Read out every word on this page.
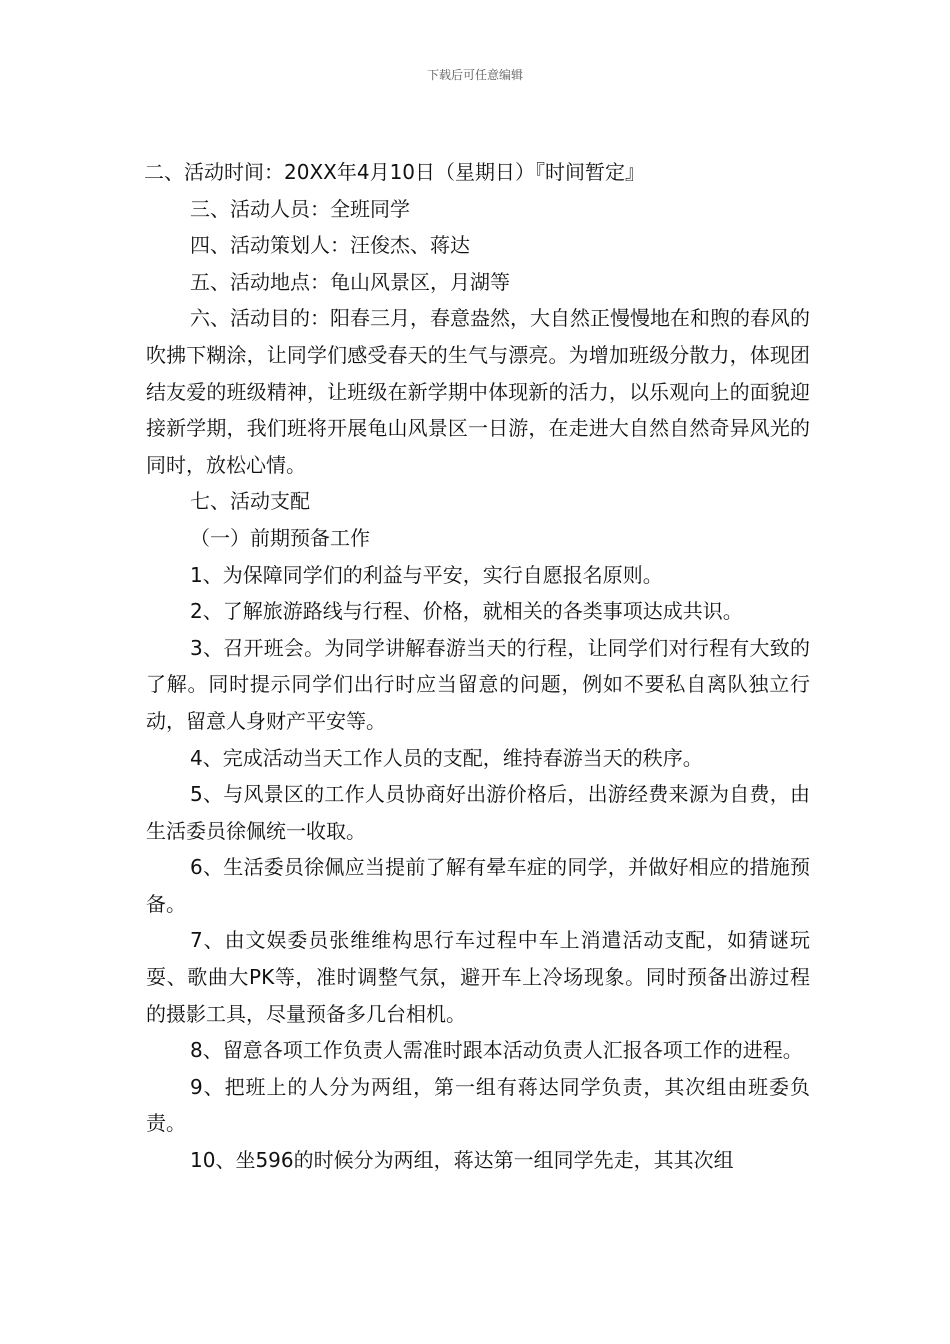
下载后可任意编辑

二、活动时间：20XX年4月10日（星期日）『时间暂定』

三、活动人员：全班同学

四、活动策划人：汪俊杰、蒋达

五、活动地点：龟山风景区，月湖等

六、活动目的：阳春三月，春意盎然，大自然正慢慢地在和煦的春风的吹拂下糊涂，让同学们感受春天的生气与漂亮。为增加班级分散力，体现团结友爱的班级精神，让班级在新学期中体现新的活力，以乐观向上的面貌迎接新学期，我们班将开展龟山风景区一日游，在走进大自然自然奇异风光的同时，放松心情。

七、活动支配

（一）前期预备工作

1、为保障同学们的利益与平安，实行自愿报名原则。

2、了解旅游路线与行程、价格，就相关的各类事项达成共识。

3、召开班会。为同学讲解春游当天的行程，让同学们对行程有大致的了解。同时提示同学们出行时应当留意的问题，例如不要私自离队独立行动，留意人身财产平安等。

4、完成活动当天工作人员的支配，维持春游当天的秩序。

5、与风景区的工作人员协商好出游价格后，出游经费来源为自费，由生活委员徐佩统一收取。

6、生活委员徐佩应当提前了解有晕车症的同学，并做好相应的措施预备。

7、由文娱委员张维维构思行车过程中车上消遣活动支配，如猜谜玩耍、歌曲大PK等，准时调整气氛，避开车上冷场现象。同时预备出游过程的摄影工具，尽量预备多几台相机。

8、留意各项工作负责人需准时跟本活动负责人汇报各项工作的进程。

9、把班上的人分为两组，第一组有蒋达同学负责，其次组由班委负责。

10、坐596的时候分为两组，蒋达第一组同学先走，其其次组
